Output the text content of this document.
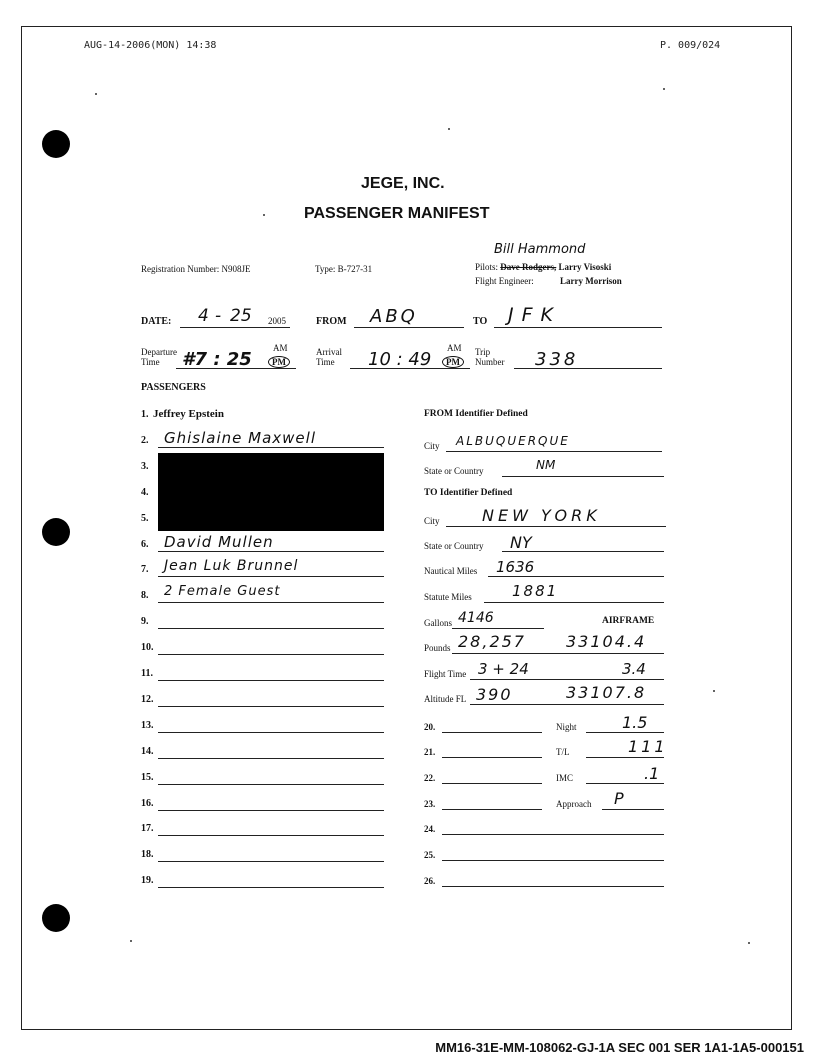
AUG-14-2006(MON) 14:38	P. 009/024
JEGE, INC.
PASSENGER MANIFEST
Registration Number: N908JE	Type: B-727-31
Bill Hammond
Pilots: Dave Rodgers, Larry Visoski
Flight Engineer:	Larry Morrison
DATE: 4 - 25 2005	FROM ABQ	TO JFK
Departure
Time	#7 : 25
AM
PM
Arrival
Time	10 : 49
AM
PM
Trip
Number 338
PASSENGERS
1. Jeffrey Epstein
2. Ghislaine Maxwell
3.
4.
5.
6. David Mullen
7. Jean Luk Brunnel
8. 2 Female Guest
9.
10.
11.
12.
13.
14.
15.
16.
17.
18.
19.
FROM Identifier Defined
City ALBUQUERQUE
State or Country	NM
TO Identifier Defined
City	NEW YORK
State or Country NY
Nautical Miles 1636
Statute Miles	1881
Gallons 4146	AIRFRAME
Pounds 28,257	33104.4
Flight Time 3 + 24	3.4
Altitude FL 390	33107.8
20.	Night	1.5
21.	T/L	111
22.	IMC	.1
23.	Approach P
24.
25.
26.
MM16-31E-MM-108062-GJ-1A SEC 001 SER 1A1-1A5-000151
